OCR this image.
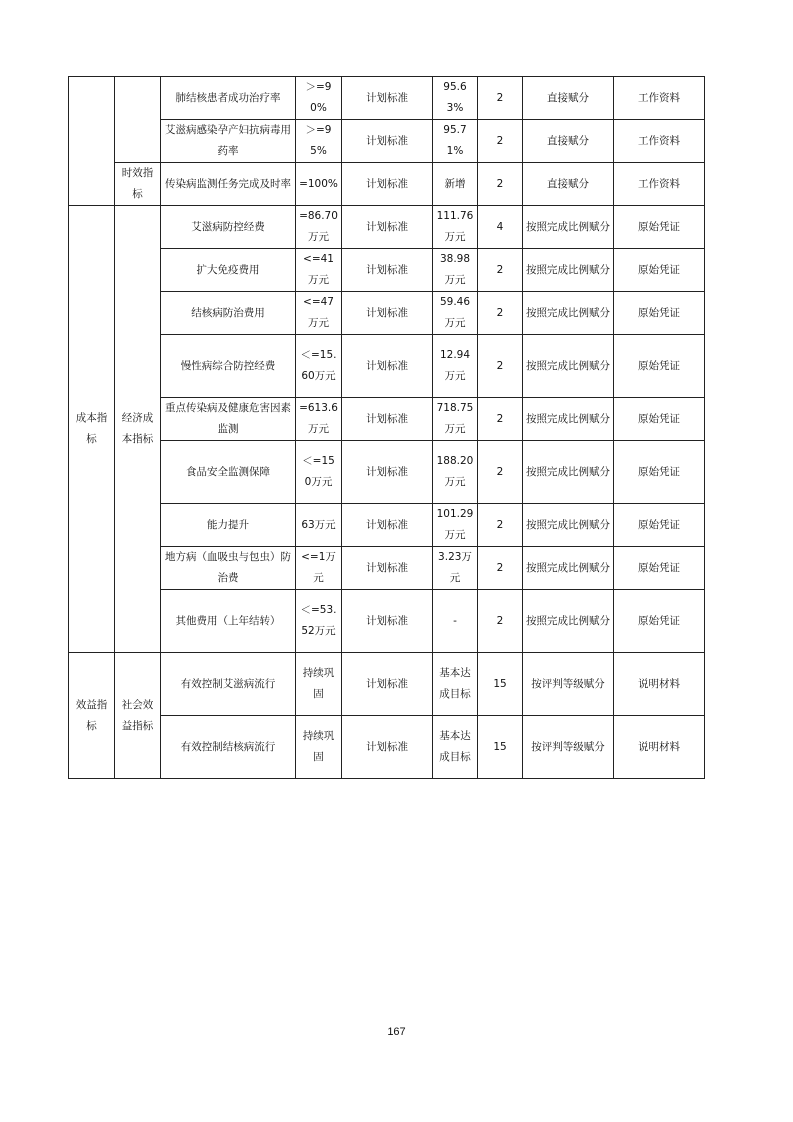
		肺结核患者成功治疗率	＞=90%	计划标准	95.63%	2	直接赋分	工作资料
		艾滋病感染孕产妇抗病毒用药率	＞=95%	计划标准	95.71%	2	直接赋分	工作资料
	时效指标	传染病监测任务完成及时率	=100%	计划标准	新增	2	直接赋分	工作资料
成本指标	经济成本指标	艾滋病防控经费	=86.70万元	计划标准	111.76万元	4	按照完成比例赋分	原始凭证
		扩大免疫费用	<=41万元	计划标准	38.98万元	2	按照完成比例赋分	原始凭证
		结核病防治费用	<=47万元	计划标准	59.46万元	2	按照完成比例赋分	原始凭证
		慢性病综合防控经费	＜=15.60万元	计划标准	12.94万元	2	按照完成比例赋分	原始凭证
		重点传染病及健康危害因素监测	=613.6万元	计划标准	718.75万元	2	按照完成比例赋分	原始凭证
		食品安全监测保障	＜=150万元	计划标准	188.20万元	2	按照完成比例赋分	原始凭证
		能力提升	63万元	计划标准	101.29万元	2	按照完成比例赋分	原始凭证
		地方病（血吸虫与包虫）防治费	<=1万元	计划标准	3.23万元	2	按照完成比例赋分	原始凭证
		其他费用（上年结转）	＜=53.52万元	计划标准	-	2	按照完成比例赋分	原始凭证
效益指标	社会效益指标	有效控制艾滋病流行	持续巩固	计划标准	基本达成目标	15	按评判等级赋分	说明材料
		有效控制结核病流行	持续巩固	计划标准	基本达成目标	15	按评判等级赋分	说明材料
167
